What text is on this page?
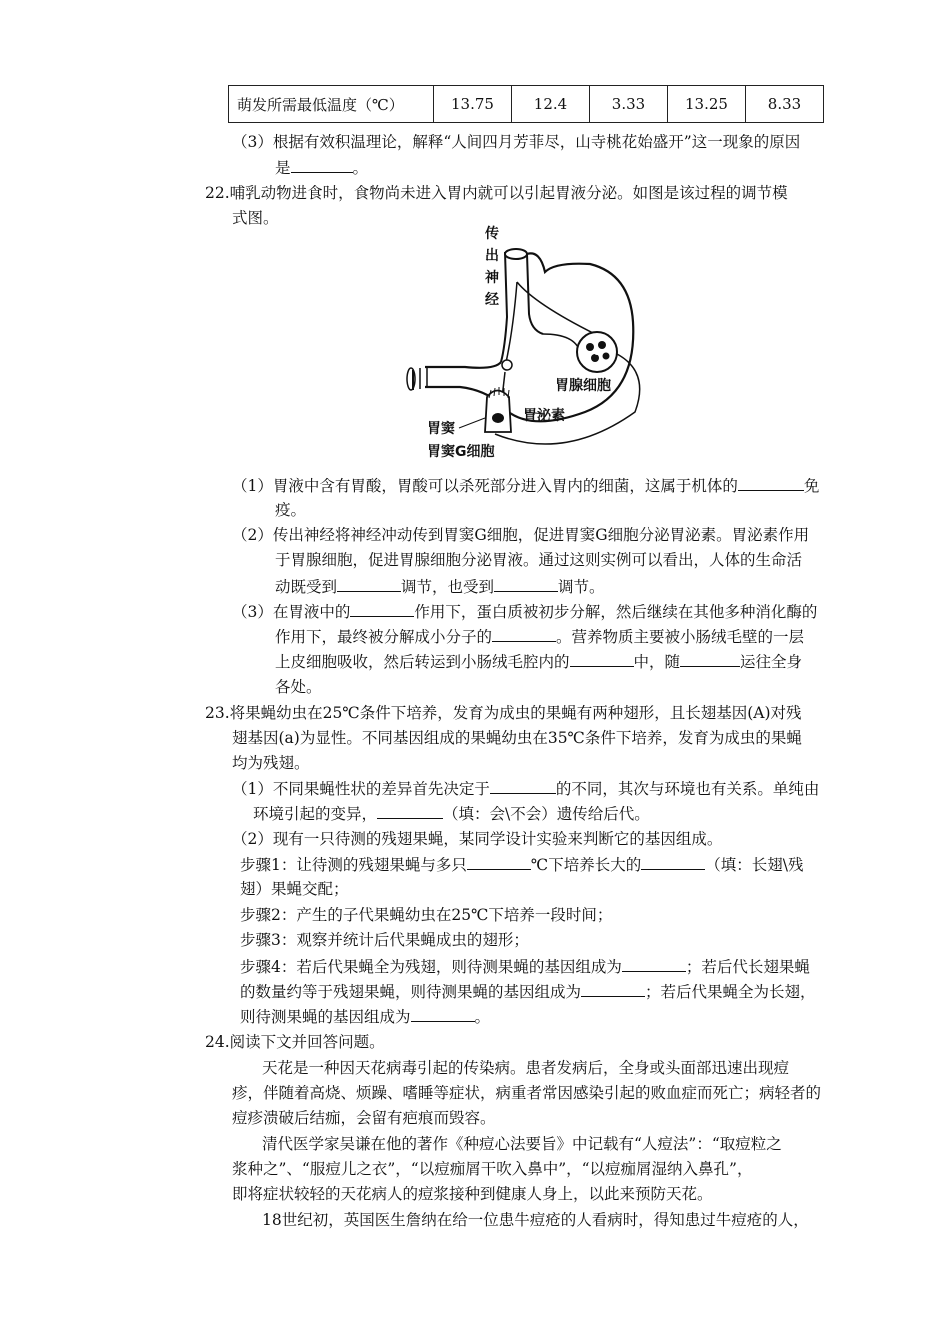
萌发所需最低温度（℃）	13.75	12.4	3.33	13.25	8.33
（3）根据有效积温理论，解释“人间四月芳菲尽，山寺桃花始盛开”这一现象的原因
是	。
22.哺乳动物进食时，食物尚未进入胃内就可以引起胃液分泌。如图是该过程的调节模
式图。
传
出
神
经
胃腺细胞
胃泌素
胃窦
胃窦G细胞
（1）胃液中含有胃酸，胃酸可以杀死部分进入胃内的细菌，这属于机体的	免
疫。
（2）传出神经将神经冲动传到胃窦G细胞，促进胃窦G细胞分泌胃泌素。胃泌素作用
于胃腺细胞，促进胃腺细胞分泌胃液。通过这则实例可以看出，人体的生命活
动既受到	调节，也受到	调节。
（3）在胃液中的	作用下，蛋白质被初步分解，然后继续在其他多种消化酶的
作用下，最终被分解成小分子的	。营养物质主要被小肠绒毛壁的一层
上皮细胞吸收，然后转运到小肠绒毛腔内的	中，随	运往全身
各处。
23.将果蝇幼虫在25℃条件下培养，发育为成虫的果蝇有两种翅形，且长翅基因(A)对残
翅基因(a)为显性。不同基因组成的果蝇幼虫在35℃条件下培养，发育为成虫的果蝇
均为残翅。
（1）不同果蝇性状的差异首先决定于	的不同，其次与环境也有关系。单纯由
环境引起的变异，	（填：会\不会）遗传给后代。
（2）现有一只待测的残翅果蝇，某同学设计实验来判断它的基因组成。
步骤1：让待测的残翅果蝇与多只	℃下培养长大的	（填：长翅\残
翅）果蝇交配；
步骤2：产生的子代果蝇幼虫在25℃下培养一段时间；
步骤3：观察并统计后代果蝇成虫的翅形；
步骤4：若后代果蝇全为残翅，则待测果蝇的基因组成为	；若后代长翅果蝇
的数量约等于残翅果蝇，则待测果蝇的基因组成为	；若后代果蝇全为长翅，
则待测果蝇的基因组成为	。
24.阅读下文并回答问题。
天花是一种因天花病毒引起的传染病。患者发病后，全身或头面部迅速出现痘
疹，伴随着高烧、烦躁、嗜睡等症状，病重者常因感染引起的败血症而死亡；病轻者的
痘疹溃破后结痂，会留有疤痕而毁容。
清代医学家吴谦在他的著作《种痘心法要旨》中记载有“人痘法”：“取痘粒之
浆种之”、“服痘儿之衣”，“以痘痂屑干吹入鼻中”，“以痘痂屑湿纳入鼻孔”，
即将症状较轻的天花病人的痘浆接种到健康人身上，以此来预防天花。
18世纪初，英国医生詹纳在给一位患牛痘疮的人看病时，得知患过牛痘疮的人，
